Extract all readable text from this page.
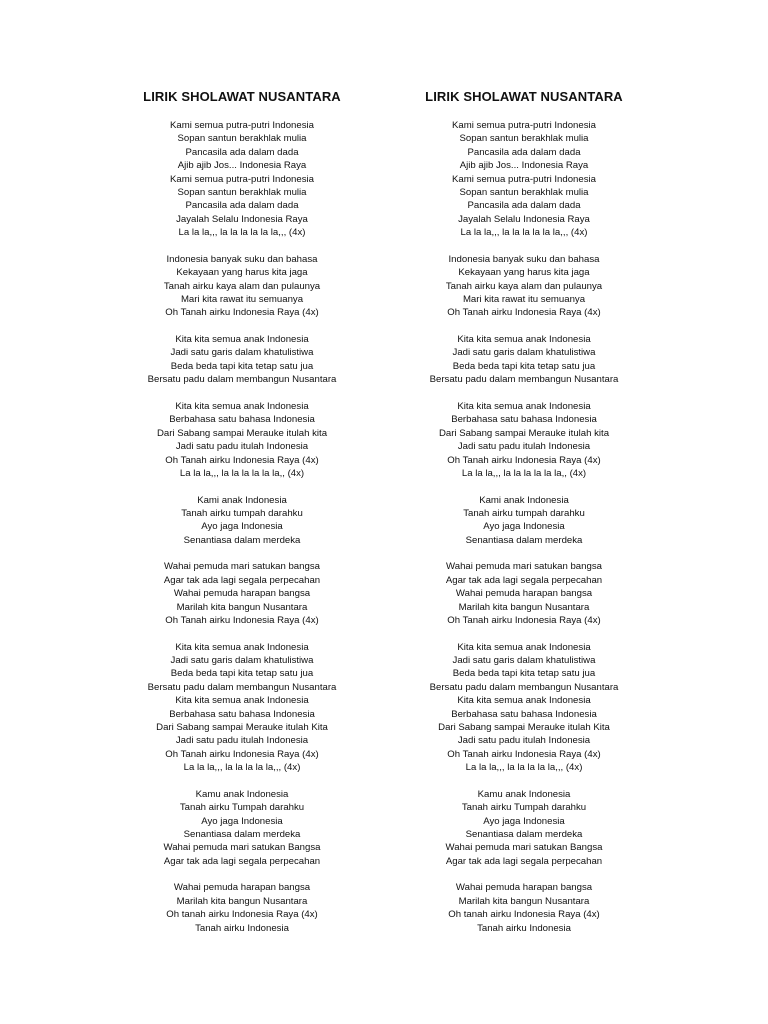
LIRIK SHOLAWAT NUSANTARA
Kami semua putra-putri Indonesia
Sopan santun berakhlak mulia
Pancasila ada dalam dada
Ajib ajib Jos... Indonesia Raya
Kami semua putra-putri Indonesia
Sopan santun berakhlak mulia
Pancasila ada dalam dada
Jayalah Selalu Indonesia Raya
La la la,,, la la la la la la,,, (4x)
Indonesia banyak suku dan bahasa
Kekayaan yang harus kita jaga
Tanah airku kaya alam dan pulaunya
Mari kita rawat itu semuanya
Oh Tanah airku Indonesia Raya (4x)
Kita kita semua anak Indonesia
Jadi satu garis dalam khatulistiwa
Beda beda tapi kita tetap satu jua
Bersatu padu dalam membangun Nusantara
Kita kita semua anak Indonesia
Berbahasa satu bahasa Indonesia
Dari Sabang sampai Merauke itulah kita
Jadi satu padu itulah Indonesia
Oh Tanah airku Indonesia Raya (4x)
La la la,,, la la la la la la,, (4x)
Kami anak Indonesia
Tanah airku tumpah darahku
Ayo jaga Indonesia
Senantiasa dalam merdeka
Wahai pemuda mari satukan bangsa
Agar tak ada lagi segala perpecahan
Wahai pemuda harapan bangsa
Marilah kita bangun Nusantara
Oh Tanah airku Indonesia Raya (4x)
Kita kita semua anak Indonesia
Jadi satu garis dalam khatulistiwa
Beda beda tapi kita tetap satu jua
Bersatu padu dalam membangun Nusantara
Kita kita semua anak Indonesia
Berbahasa satu bahasa Indonesia
Dari Sabang sampai Merauke itulah Kita
Jadi satu padu itulah Indonesia
Oh Tanah airku Indonesia Raya (4x)
La la la,,, la la la la la,,, (4x)
Kamu anak Indonesia
Tanah airku Tumpah darahku
Ayo jaga Indonesia
Senantiasa dalam merdeka
Wahai pemuda mari satukan Bangsa
Agar tak ada lagi segala perpecahan
Wahai pemuda harapan bangsa
Marilah kita bangun Nusantara
Oh tanah airku Indonesia Raya (4x)
Tanah airku Indonesia
LIRIK SHOLAWAT NUSANTARA
Kami semua putra-putri Indonesia
Sopan santun berakhlak mulia
Pancasila ada dalam dada
Ajib ajib Jos... Indonesia Raya
Kami semua putra-putri Indonesia
Sopan santun berakhlak mulia
Pancasila ada dalam dada
Jayalah Selalu Indonesia Raya
La la la,,, la la la la la la,,, (4x)
Indonesia banyak suku dan bahasa
Kekayaan yang harus kita jaga
Tanah airku kaya alam dan pulaunya
Mari kita rawat itu semuanya
Oh Tanah airku Indonesia Raya (4x)
Kita kita semua anak Indonesia
Jadi satu garis dalam khatulistiwa
Beda beda tapi kita tetap satu jua
Bersatu padu dalam membangun Nusantara
Kita kita semua anak Indonesia
Berbahasa satu bahasa Indonesia
Dari Sabang sampai Merauke itulah kita
Jadi satu padu itulah Indonesia
Oh Tanah airku Indonesia Raya (4x)
La la la,,, la la la la la la,, (4x)
Kami anak Indonesia
Tanah airku tumpah darahku
Ayo jaga Indonesia
Senantiasa dalam merdeka
Wahai pemuda mari satukan bangsa
Agar tak ada lagi segala perpecahan
Wahai pemuda harapan bangsa
Marilah kita bangun Nusantara
Oh Tanah airku Indonesia Raya (4x)
Kita kita semua anak Indonesia
Jadi satu garis dalam khatulistiwa
Beda beda tapi kita tetap satu jua
Bersatu padu dalam membangun Nusantara
Kita kita semua anak Indonesia
Berbahasa satu bahasa Indonesia
Dari Sabang sampai Merauke itulah Kita
Jadi satu padu itulah Indonesia
Oh Tanah airku Indonesia Raya (4x)
La la la,,, la la la la la,,, (4x)
Kamu anak Indonesia
Tanah airku Tumpah darahku
Ayo jaga Indonesia
Senantiasa dalam merdeka
Wahai pemuda mari satukan Bangsa
Agar tak ada lagi segala perpecahan
Wahai pemuda harapan bangsa
Marilah kita bangun Nusantara
Oh tanah airku Indonesia Raya (4x)
Tanah airku Indonesia
